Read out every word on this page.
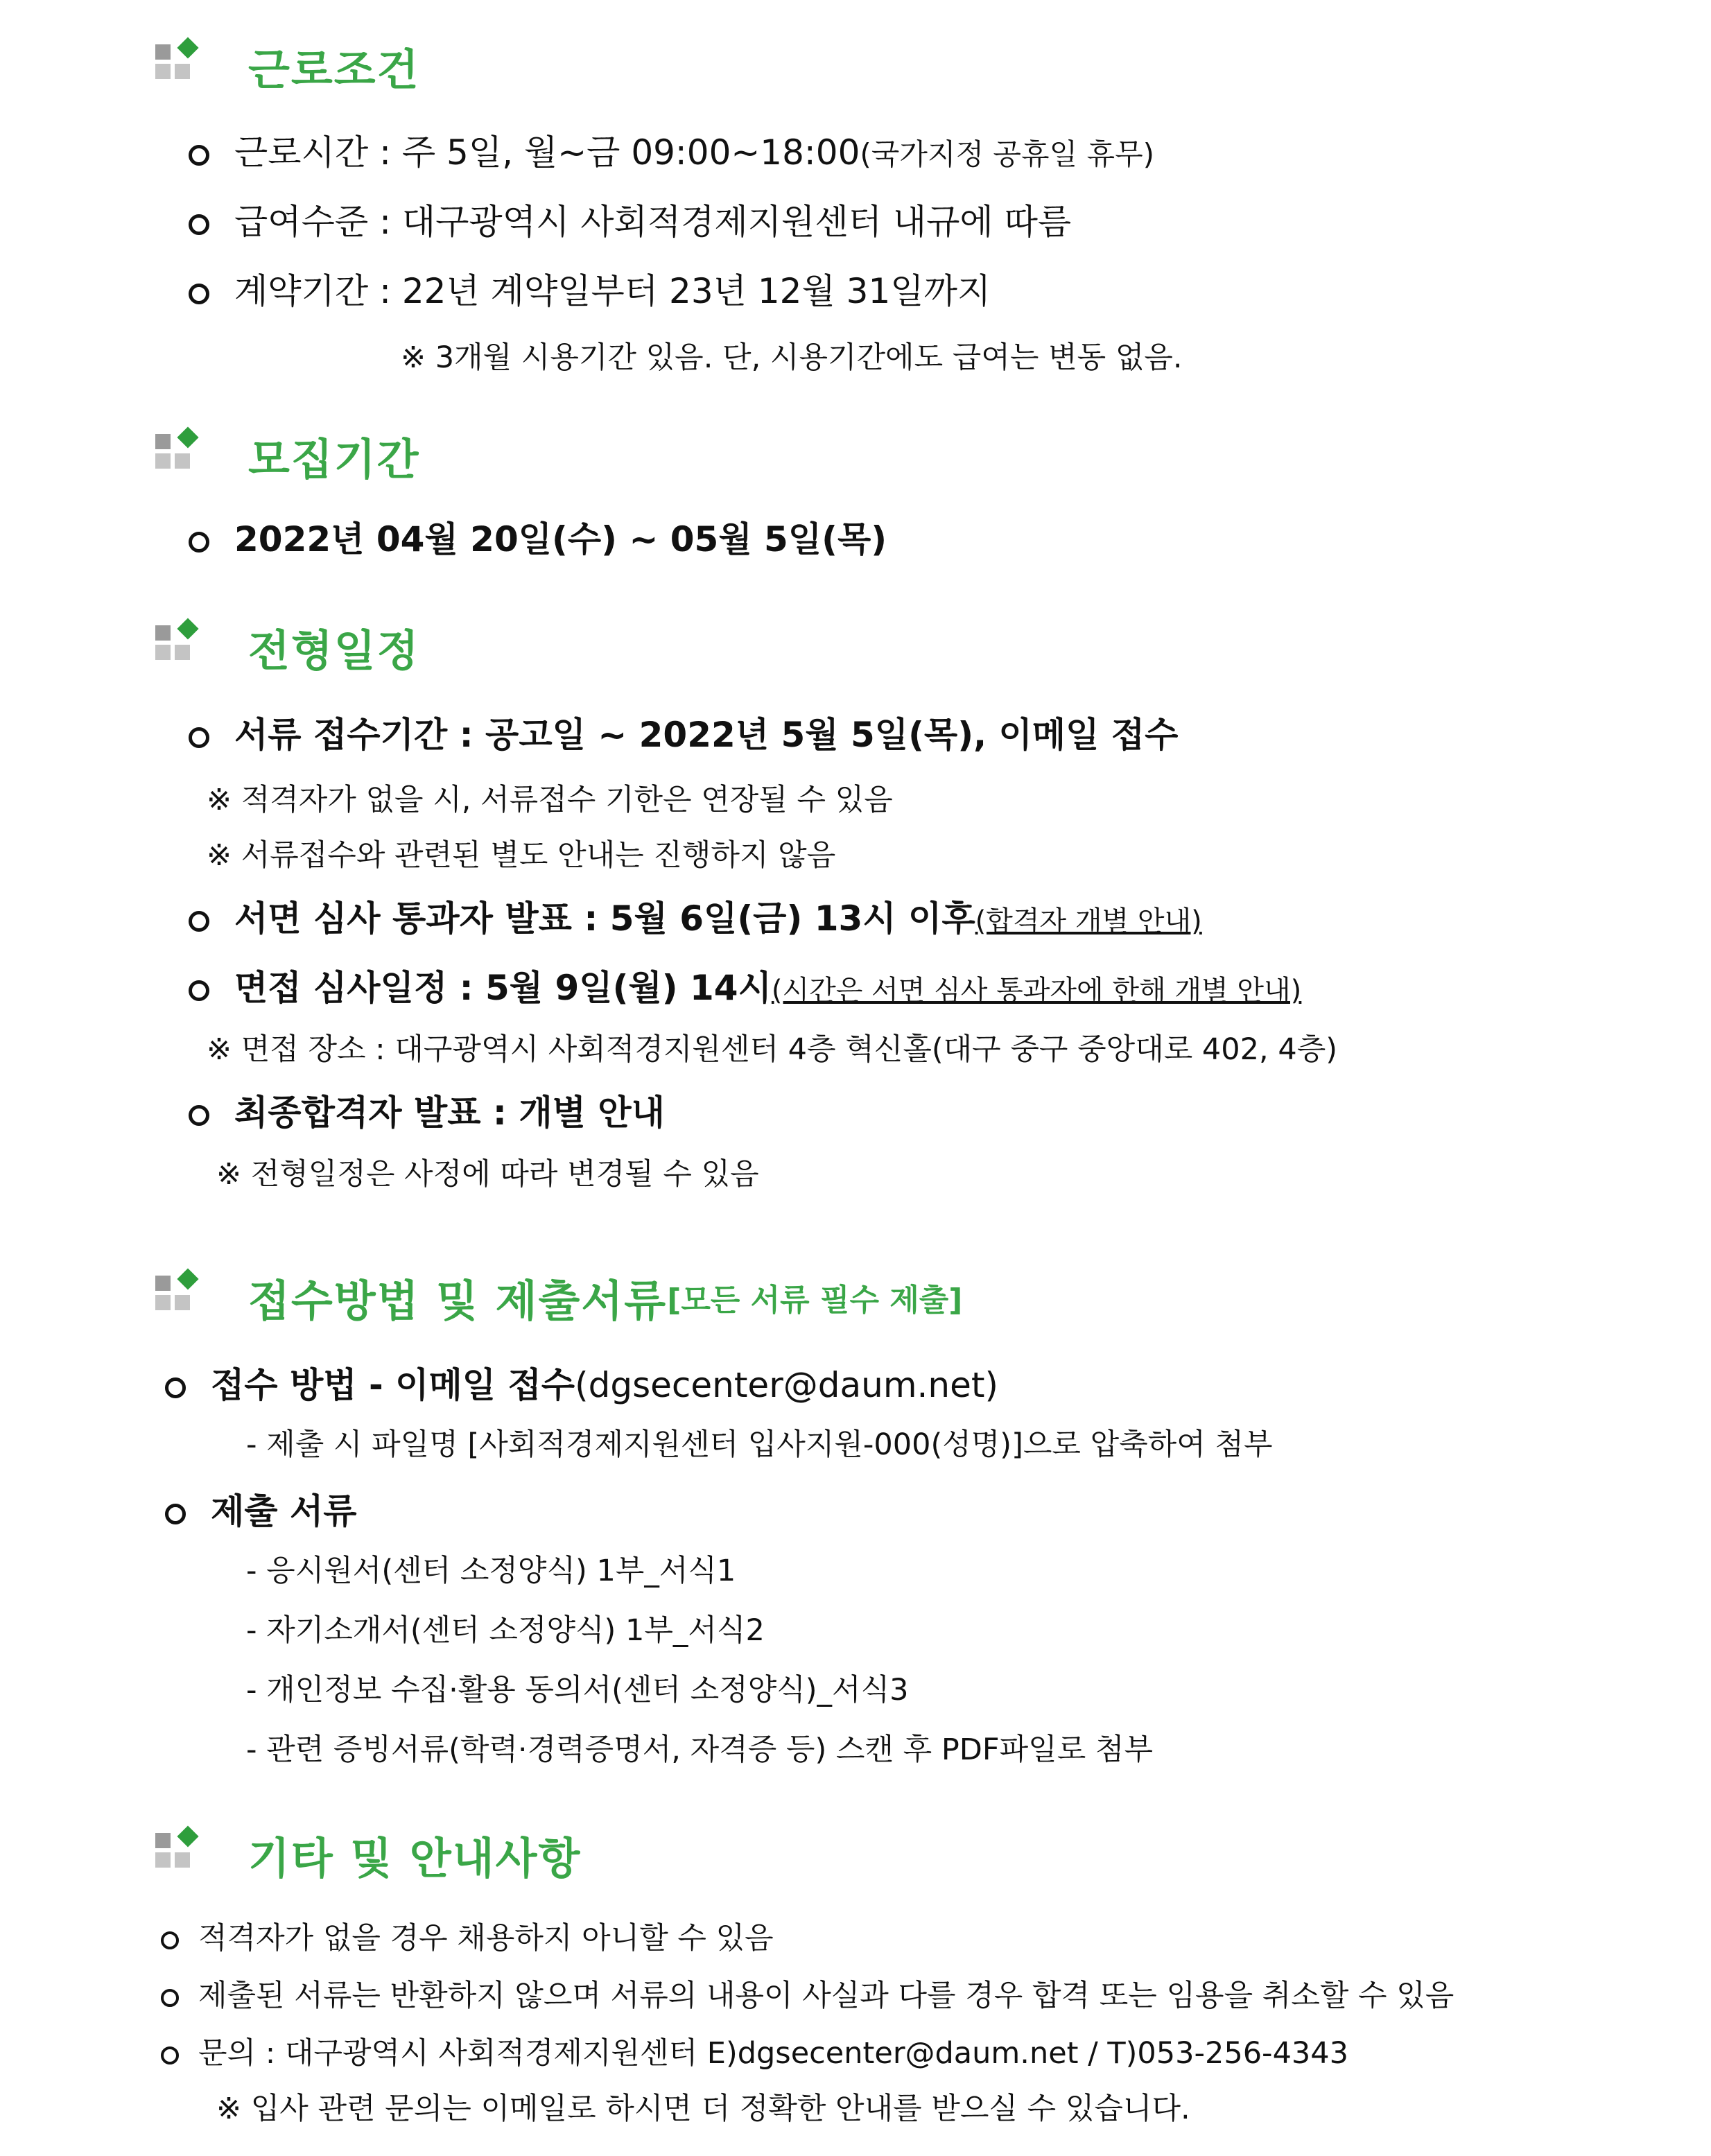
근로조건
근로시간 : 주 5일, 월~금 09:00~18:00 (국가지정 공휴일 휴무)
급여수준 : 대구광역시 사회적경제지원센터 내규에 따름
계약기간 : 22년 계약일부터 23년 12월 31일까지
※ 3개월 시용기간 있음. 단, 시용기간에도 급여는 변동 없음.
모집기간
2022년 04월 20일(수) ~ 05월 5일(목)
전형일정
서류 접수기간 : 공고일 ~ 2022년 5월 5일(목), 이메일 접수
※ 적격자가 없을 시, 서류접수 기한은 연장될 수 있음
※ 서류접수와 관련된 별도 안내는 진행하지 않음
서면 심사 통과자 발표 : 5월 6일(금) 13시 이후 (합격자 개별 안내)
면접 심사일정 : 5월 9일(월) 14시 (시간은 서면 심사 통과자에 한해 개별 안내)
※ 면접 장소 : 대구광역시 사회적경지원센터 4층 혁신홀(대구 중구 중앙대로 402, 4층)
최종합격자 발표 : 개별 안내
※ 전형일정은 사정에 따라 변경될 수 있음
접수방법 및 제출서류 [모든 서류 필수 제출]
접수 방법 - 이메일 접수 (dgsecenter@daum.net)
- 제출 시 파일명 [사회적경제지원센터 입사지원-000(성명)]으로 압축하여 첨부
제출 서류
- 응시원서(센터 소정양식) 1부_서식1
- 자기소개서(센터 소정양식) 1부_서식2
- 개인정보 수집·활용 동의서(센터 소정양식)_서식3
- 관련 증빙서류(학력·경력증명서, 자격증 등) 스캔 후 PDF파일로 첨부
기타 및 안내사항
적격자가 없을 경우 채용하지 아니할 수 있음
제출된 서류는 반환하지 않으며 서류의 내용이 사실과 다를 경우 합격 또는 임용을 취소할 수 있음
문의 : 대구광역시 사회적경제지원센터 E)dgsecenter@daum.net / T)053-256-4343
※ 입사 관련 문의는 이메일로 하시면 더 정확한 안내를 받으실 수 있습니다.
